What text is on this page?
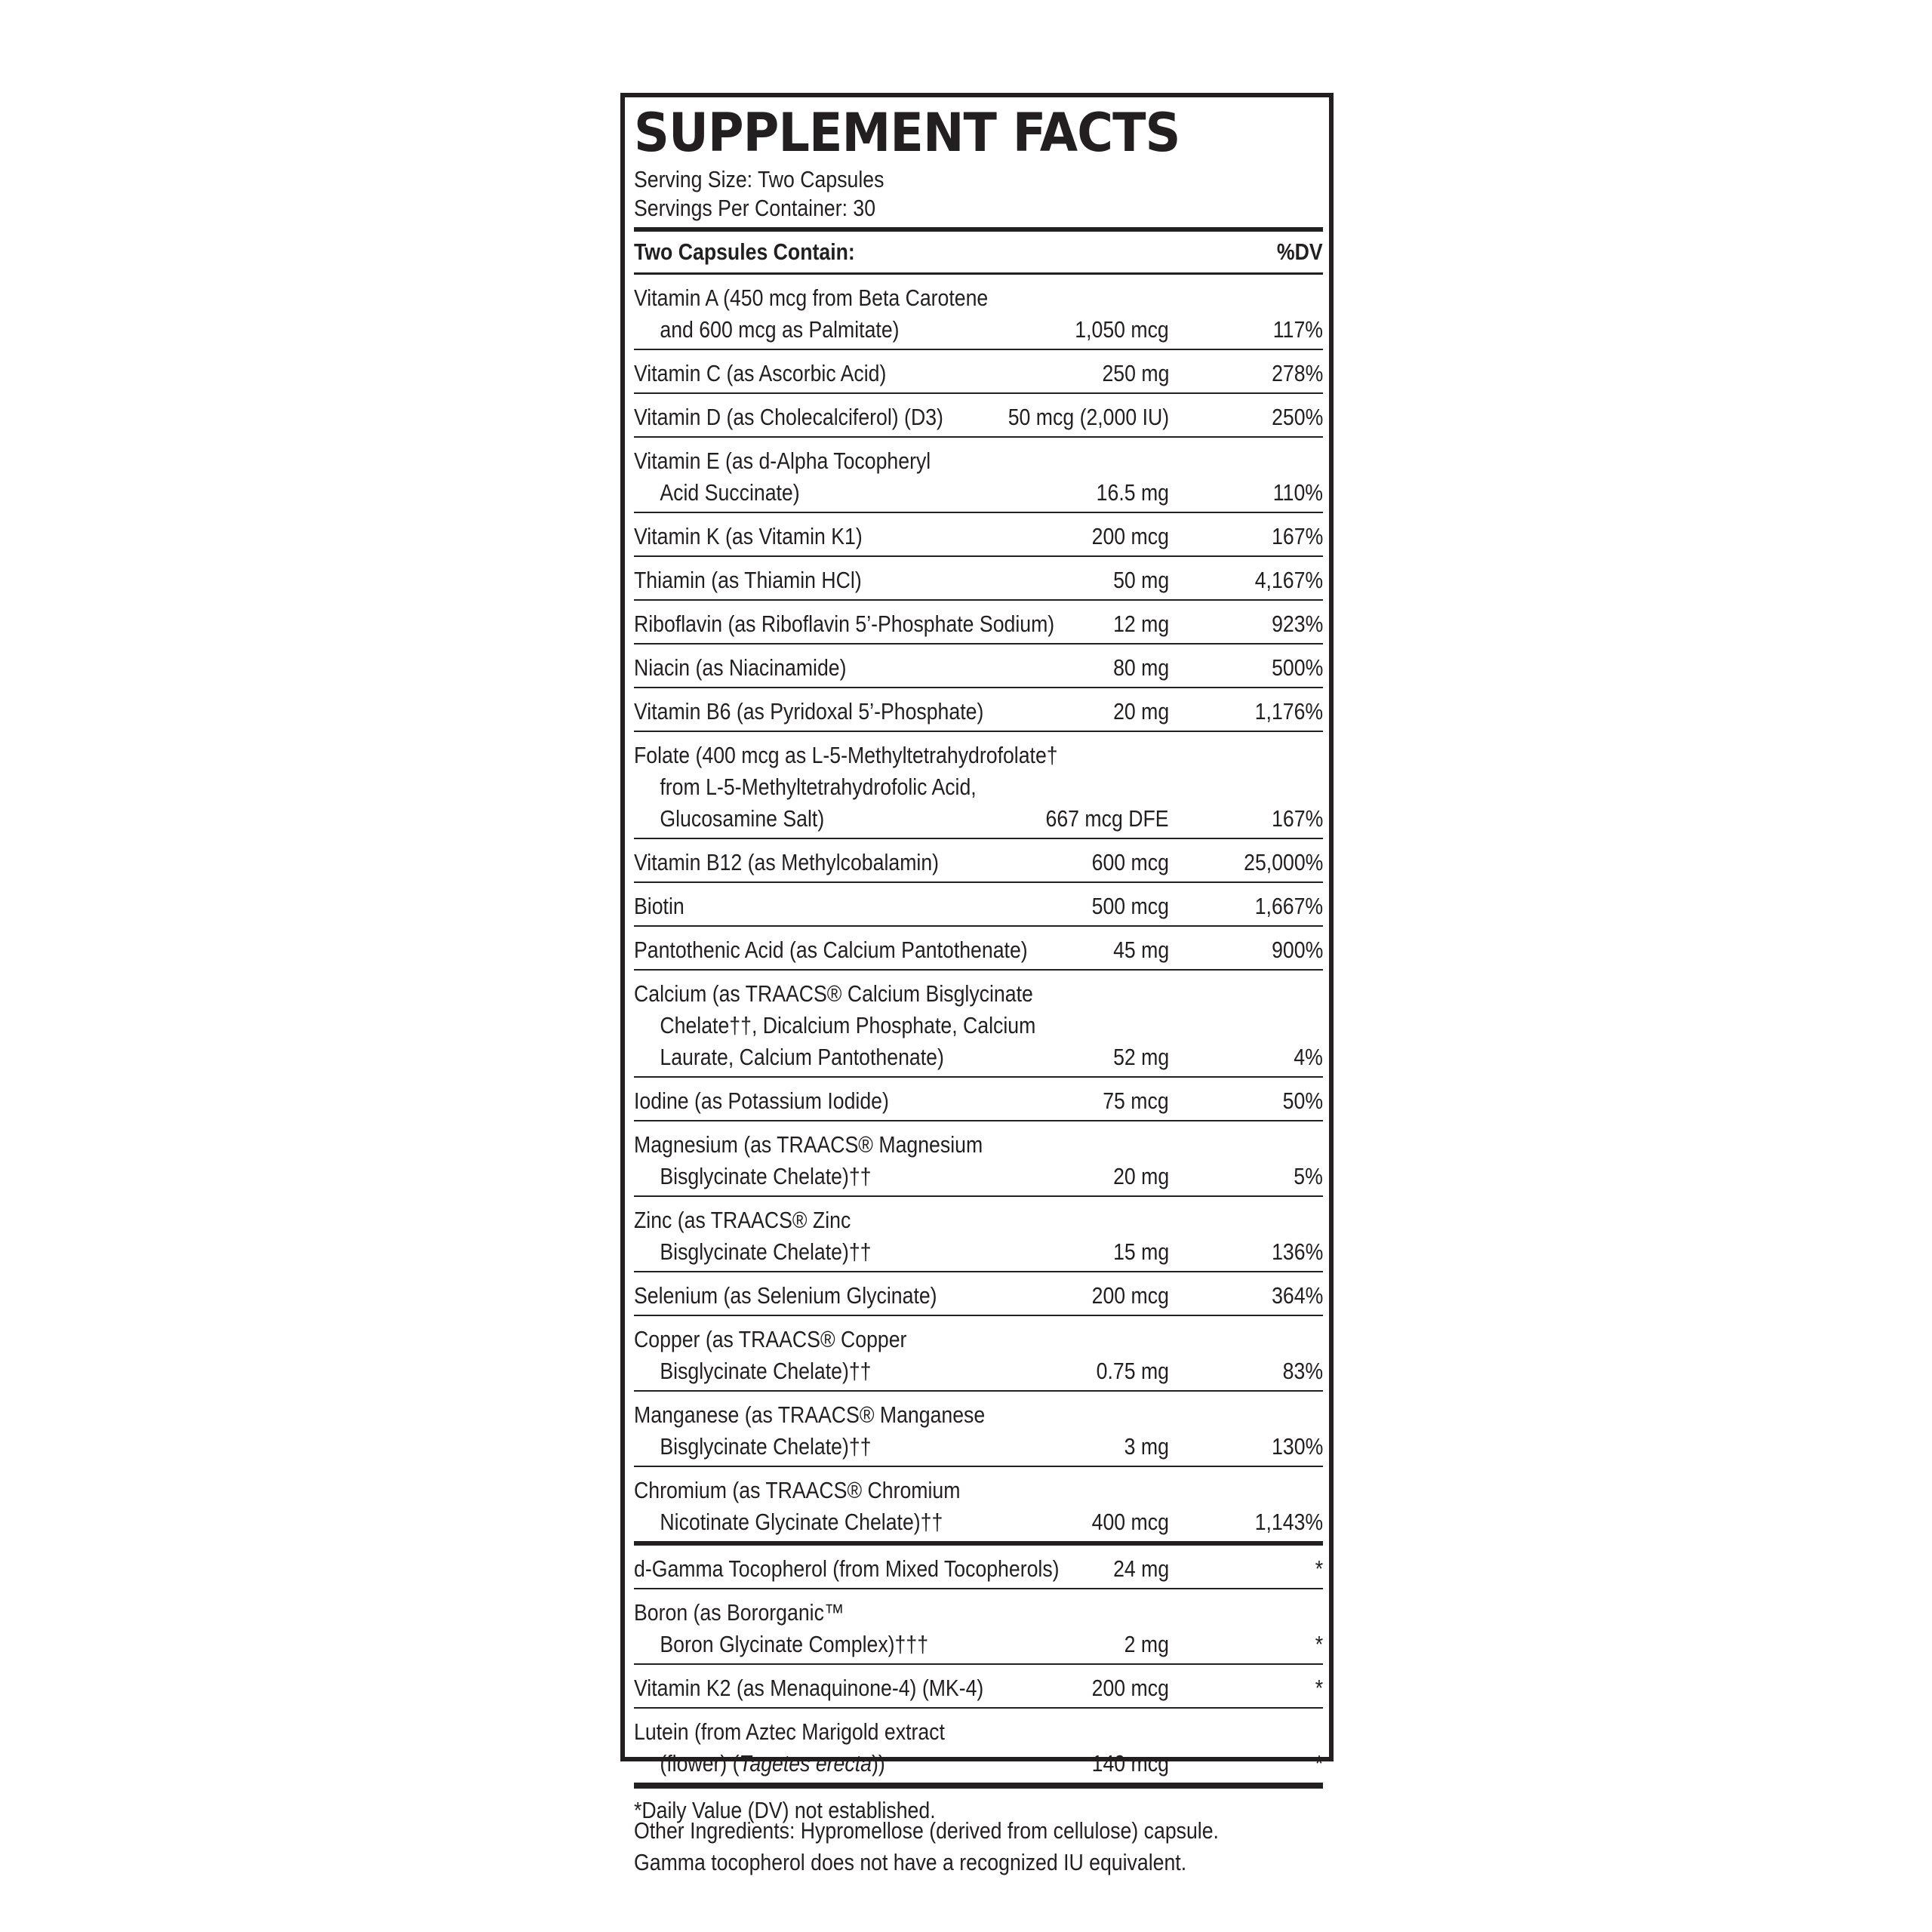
SUPPLEMENT FACTS
Serving Size: Two Capsules
Servings Per Container: 30
Two Capsules Contain:	%DV
Vitamin A (450 mcg from Beta Carotene
and 600 mcg as Palmitate)	1,050 mcg	117%
Vitamin C (as Ascorbic Acid)	250 mg	278%
Vitamin D (as Cholecalciferol) (D3)	50 mcg (2,000 IU)	250%
Vitamin E (as d-Alpha Tocopheryl
Acid Succinate)	16.5 mg	110%
Vitamin K (as Vitamin K1)	200 mcg	167%
Thiamin (as Thiamin HCl)	50 mg	4,167%
Riboflavin (as Riboflavin 5’-Phosphate Sodium)	12 mg	923%
Niacin (as Niacinamide)	80 mg	500%
Vitamin B6 (as Pyridoxal 5’-Phosphate)	20 mg	1,176%
Folate (400 mcg as L-5-Methyltetrahydrofolate†
from L-5-Methyltetrahydrofolic Acid,
Glucosamine Salt)	667 mcg DFE	167%
Vitamin B12 (as Methylcobalamin)	600 mcg	25,000%
Biotin	500 mcg	1,667%
Pantothenic Acid (as Calcium Pantothenate)	45 mg	900%
Calcium (as TRAACS® Calcium Bisglycinate
Chelate††, Dicalcium Phosphate, Calcium
Laurate, Calcium Pantothenate)	52 mg	4%
Iodine (as Potassium Iodide)	75 mcg	50%
Magnesium (as TRAACS® Magnesium
Bisglycinate Chelate)††	20 mg	5%
Zinc (as TRAACS® Zinc
Bisglycinate Chelate)††	15 mg	136%
Selenium (as Selenium Glycinate)	200 mcg	364%
Copper (as TRAACS® Copper
Bisglycinate Chelate)††	0.75 mg	83%
Manganese (as TRAACS® Manganese
Bisglycinate Chelate)††	3 mg	130%
Chromium (as TRAACS® Chromium
Nicotinate Glycinate Chelate)††	400 mcg	1,143%
d-Gamma Tocopherol (from Mixed Tocopherols)	24 mg	*
Boron (as Bororganic™
Boron Glycinate Complex)†††	2 mg	*
Vitamin K2 (as Menaquinone-4) (MK-4)	200 mcg	*
Lutein (from Aztec Marigold extract
(flower) (Tagetes erecta))	140 mcg	*
*Daily Value (DV) not established.
Other Ingredients: Hypromellose (derived from cellulose) capsule.
Gamma tocopherol does not have a recognized IU equivalent.
